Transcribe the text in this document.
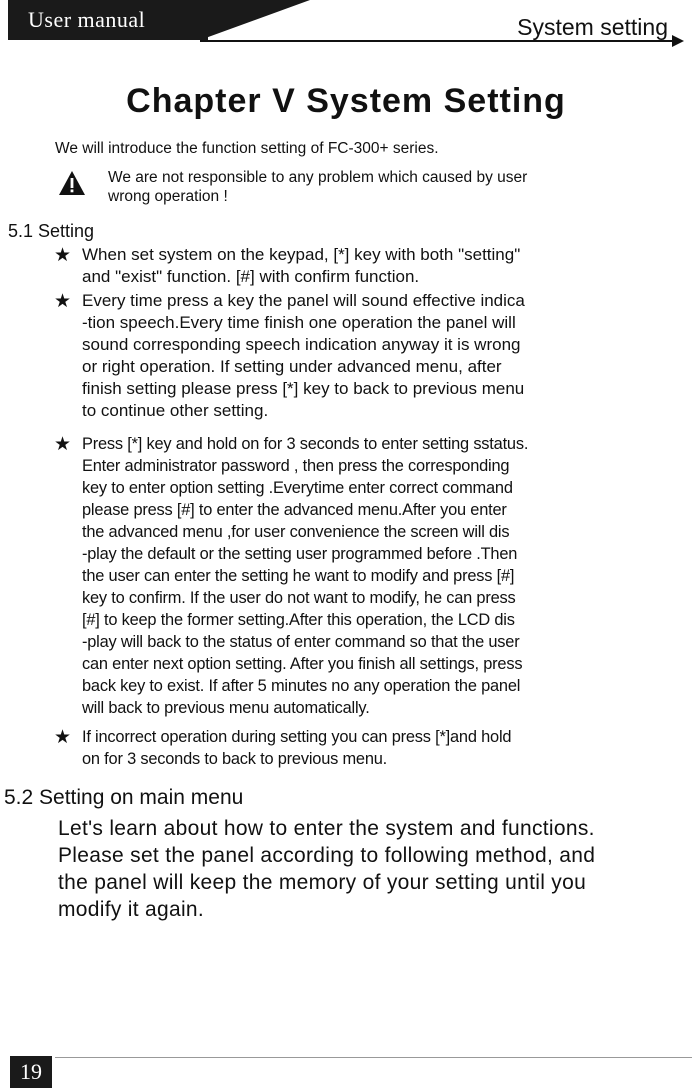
User manual	System setting
Chapter V System Setting
We will introduce the function setting of FC-300+ series.
We are not responsible to any problem which caused by user
wrong operation !
5.1 Setting
★ When set system on the keypad, [*] key with both "setting"
and "exist" function. [#] with confirm function.
★ Every time press a key the panel will sound effective indica
-tion speech.Every time finish one operation the panel will
sound corresponding speech indication anyway it is wrong
or right operation. If setting under advanced menu, after
finish setting please press [*] key to back to previous menu
to continue other setting.
★ Press [*] key and hold on for 3 seconds to enter setting sstatus.
Enter administrator password , then press the corresponding
key to enter option setting .Everytime enter correct command
please press [#] to enter the advanced menu.After you enter
the advanced menu ,for user convenience the screen will dis
-play the default or the setting user programmed before .Then
the user can enter the setting he want to modify and press [#]
key to confirm. If the user do not want to modify, he can press
[#] to keep the former setting.After this operation, the LCD dis
-play will back to the status of enter command so that the user
can enter next option setting. After you finish all settings, press
back key to exist. If after 5 minutes no any operation the panel
will back to previous menu automatically.
★ If incorrect operation during setting you can press [*]and hold
on for 3 seconds to back to previous menu.
5.2 Setting on main menu
Let's learn about how to enter the system and functions.
Please set the panel according to following method, and
the panel will keep the memory of your setting until you
modify it again.
19
